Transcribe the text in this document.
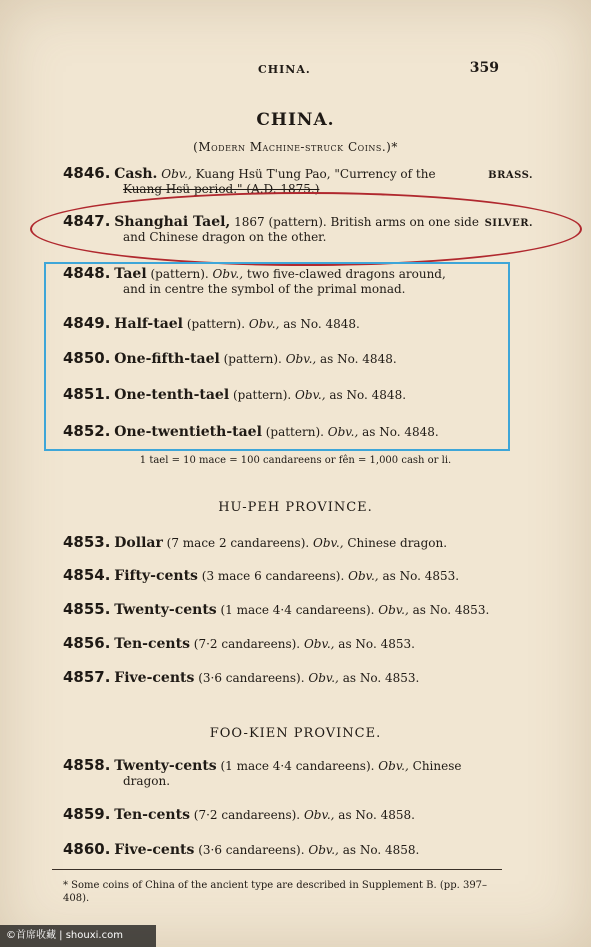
CHINA.	359
CHINA.
(Modern Machine-struck Coins.)*
4846. Cash. Obv., Kuang Hsü T'ung Pao, "Currency of the	BRASS.
Kuang Hsü period." (A.D. 1875.)
4847. Shanghai Tael, 1867 (pattern). British arms on one side SILVER.
and Chinese dragon on the other.
4848. Tael (pattern). Obv., two five-clawed dragons around,
and in centre the symbol of the primal monad.
4849. Half-tael (pattern). Obv., as No. 4848.
4850. One-fifth-tael (pattern). Obv., as No. 4848.
4851. One-tenth-tael (pattern). Obv., as No. 4848.
4852. One-twentieth-tael (pattern). Obv., as No. 4848.
1 tael = 10 mace = 100 candareens or fên = 1,000 cash or li.
HU-PEH PROVINCE.
4853. Dollar (7 mace 2 candareens). Obv., Chinese dragon.
4854. Fifty-cents (3 mace 6 candareens). Obv., as No. 4853.
4855. Twenty-cents (1 mace 4·4 candareens). Obv., as No. 4853.
4856. Ten-cents (7·2 candareens). Obv., as No. 4853.
4857. Five-cents (3·6 candareens). Obv., as No. 4853.
FOO-KIEN PROVINCE.
4858. Twenty-cents (1 mace 4·4 candareens). Obv., Chinese
dragon.
4859. Ten-cents (7·2 candareens). Obv., as No. 4858.
4860. Five-cents (3·6 candareens). Obv., as No. 4858.
* Some coins of China of the ancient type are described in Supplement B. (pp. 397–408).
©首席收藏 | shouxi.com
